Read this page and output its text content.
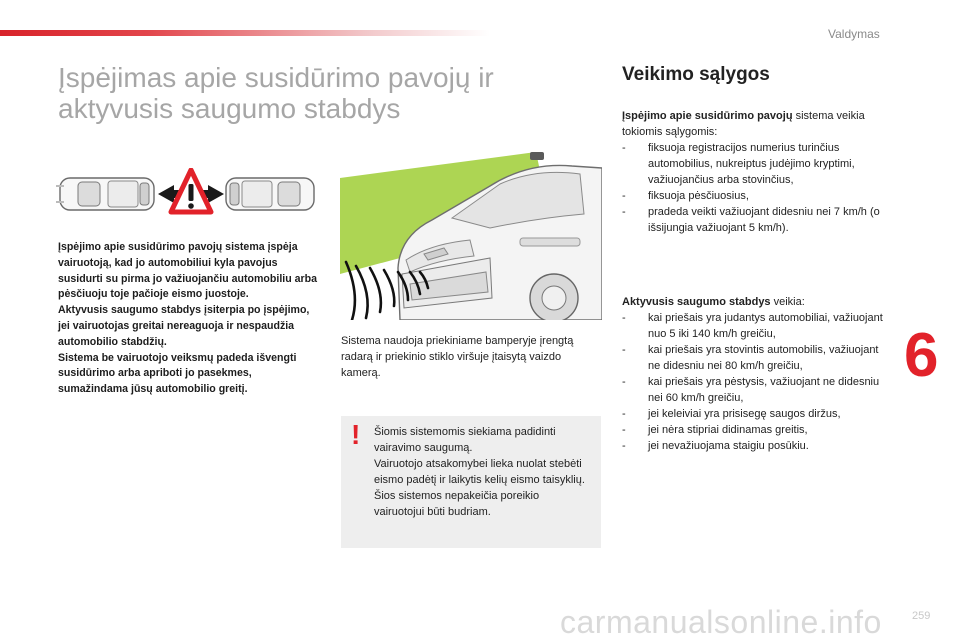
Valdymas
Įspėjimas apie susidūrimo pavojų ir
aktyvusis saugumo stabdys

Įspėjimo apie susidūrimo pavojų sistema įspėja vairuotoją, kad jo automobiliui kyla pavojus susidurti su pirma jo važiuojančiu automobiliu arba pėsčiuoju toje pačioje eismo juostoje.

Aktyvusis saugumo stabdys įsiterpia po įspėjimo, jei vairuotojas greitai nereaguoja ir nespaudžia automobilio stabdžių.

Sistema be vairuotojo veiksmų padeda išvengti susidūrimo arba apriboti jo pasekmes, sumažindama jūsų automobilio greitį.

Sistema naudoja priekiniame bamperyje įrengtą radarą ir priekinio stiklo viršuje įtaisytą vaizdo kamerą.
! Šiomis sistemomis siekiama padidinti vairavimo saugumą.

Vairuotojo atsakomybei lieka nuolat stebėti eismo padėtį ir laikytis kelių eismo taisyklių.

Šios sistemos nepakeičia poreikio vairuotojui būti budriam.

Veikimo sąlygos

Įspėjimo apie susidūrimo pavojų sistema veikia tokiomis sąlygomis:

- fiksuoja registracijos numerius turinčius automobilius, nukreiptus judėjimo kryptimi, važiuojančius arba stovinčius,
- fiksuoja pėsčiuosius,
- pradeda veikti važiuojant didesniu nei 7 km/h (o išsijungia važiuojant 5 km/h).

Aktyvusis saugumo stabdys veikia:

- kai priešais yra judantys automobiliai, važiuojant nuo 5 iki 140 km/h greičiu,
- kai priešais yra stovintis automobilis, važiuojant ne didesniu nei 80 km/h greičiu,
- kai priešais yra pėstysis, važiuojant ne didesniu nei 60 km/h greičiu,
- jei keleiviai yra prisisegę saugos diržus,
- jei nėra stipriai didinamas greitis,
- jei nevažiuojama staigiu posūkiu.
6
carmanualsonline.info	259
